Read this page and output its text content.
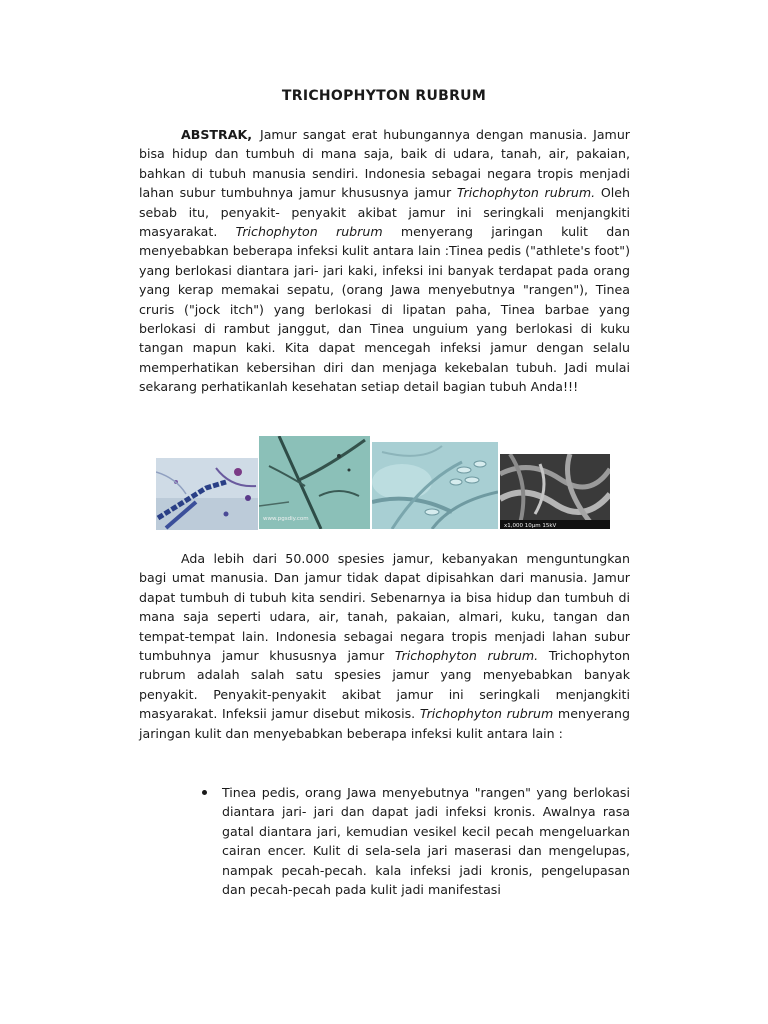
TRICHOPHYTON RUBRUM

ABSTRAK, Jamur sangat erat hubungannya dengan manusia. Jamur bisa hidup dan tumbuh di mana saja, baik di udara, tanah, air, pakaian, bahkan di tubuh manusia sendiri. Indonesia sebagai negara tropis menjadi lahan subur tumbuhnya jamur khususnya jamur Trichophyton rubrum. Oleh sebab itu, penyakit- penyakit akibat jamur ini seringkali menjangkiti masyarakat. Trichophyton rubrum menyerang jaringan kulit dan menyebabkan beberapa infeksi kulit antara lain :Tinea pedis ("athlete's foot") yang berlokasi diantara jari- jari kaki, infeksi ini banyak terdapat pada orang yang kerap memakai sepatu, (orang Jawa menyebutnya "rangen"), Tinea cruris ("jock itch") yang berlokasi di lipatan paha, Tinea barbae yang berlokasi di rambut janggut, dan Tinea unguium yang berlokasi di kuku tangan mapun kaki. Kita dapat mencegah infeksi jamur dengan selalu memperhatikan kebersihan diri dan menjaga kekebalan tubuh. Jadi mulai sekarang perhatikanlah kesehatan setiap detail bagian tubuh Anda!!!

www.pgsdiy.com
x1,000 10µm 15kV

Ada lebih dari 50.000 spesies jamur, kebanyakan menguntungkan bagi umat manusia. Dan jamur tidak dapat dipisahkan dari manusia. Jamur dapat tumbuh di tubuh kita sendiri. Sebenarnya ia bisa hidup dan tumbuh di mana saja seperti udara, air, tanah, pakaian, almari, kuku, tangan dan tempat-tempat lain. Indonesia sebagai negara tropis menjadi lahan subur tumbuhnya jamur khususnya jamur Trichophyton rubrum. Trichophyton rubrum adalah salah satu spesies jamur yang menyebabkan banyak penyakit. Penyakit-penyakit akibat jamur ini seringkali menjangkiti masyarakat. Infeksii jamur disebut mikosis. Trichophyton rubrum menyerang jaringan kulit dan menyebabkan beberapa infeksi kulit antara lain :

Tinea pedis, orang Jawa menyebutnya "rangen" yang berlokasi diantara jari- jari dan dapat jadi infeksi kronis. Awalnya rasa gatal diantara jari, kemudian vesikel kecil pecah mengeluarkan cairan encer. Kulit di sela-sela jari maserasi dan mengelupas, nampak pecah-pecah. kala infeksi jadi kronis, pengelupasan dan pecah-pecah pada kulit jadi manifestasi
